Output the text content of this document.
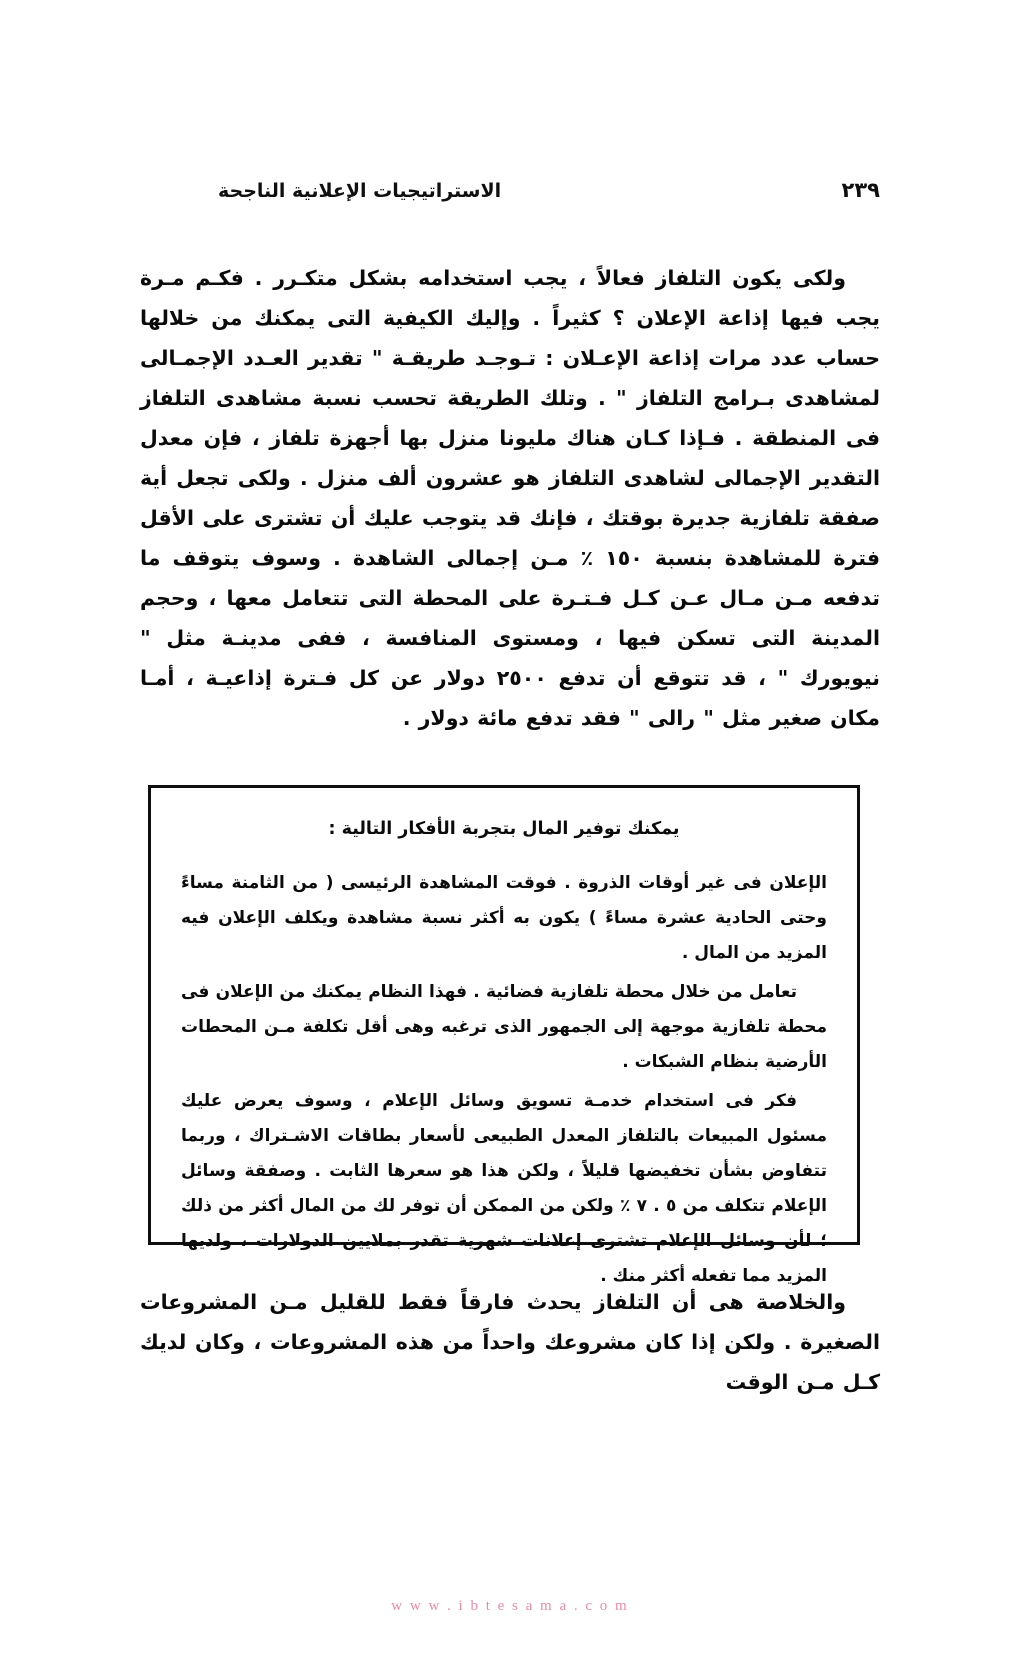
٢٣٩
الاستراتيجيات الإعلانية الناجحة

ولكى يكون التلفاز فعالاً ، يجب استخدامه بشكل متكـرر . فكـم مـرة يجب فيها إذاعة الإعلان ؟ كثيراً . وإليك الكيفية التى يمكنك من خلالها حساب عدد مرات إذاعة الإعـلان : تـوجـد طريقـة " تقدير العـدد الإجمـالى لمشاهدى بـرامج التلفاز " . وتلك الطريقة تحسب نسبة مشاهدى التلفاز فى المنطقة . فـإذا كـان هناك مليونا منزل بها أجهزة تلفاز ، فإن معدل التقدير الإجمالى لشاهدى التلفاز هو عشرون ألف منزل . ولكى تجعل أية صفقة تلفازية جديرة بوقتك ، فإنك قد يتوجب عليك أن تشترى على الأقل فترة للمشاهدة بنسبة ١٥٠ ٪ مـن إجمالى الشاهدة . وسوف يتوقف ما تدفعه مـن مـال عـن كـل فـتـرة على المحطة التى تتعامل معها ، وحجم المدينة التى تسكن فيها ، ومستوى المنافسة ، ففى مدينـة مثل " نيويورك " ، قد تتوقع أن تدفع ٢٥٠٠ دولار عن كل فـترة إذاعيـة ، أمـا مكان صغير مثل " رالى " فقد تدفع مائة دولار .

يمكنك توفير المال بتجربة الأفكار التالية :

الإعلان فى غير أوقات الذروة . فوقت المشاهدة الرئيسى ( من الثامنة مساءً وحتى الحادية عشرة مساءً ) يكون به أكثر نسبة مشاهدة ويكلف الإعلان فيه المزيد من المال .

تعامل من خلال محطة تلفازية فضائية . فهذا النظام يمكنك من الإعلان فى محطة تلفازية موجهة إلى الجمهور الذى ترغبه وهى أقل تكلفة مـن المحطات الأرضية بنظام الشبكات .

فكر فى استخدام خدمـة تسويق وسائل الإعلام ، وسوف يعرض عليك مسئول المبيعات بالتلفاز المعدل الطبيعى لأسعار بطاقات الاشـتراك ، وربما تتفاوض بشأن تخفيضها قليلاً ، ولكن هذا هو سعرها الثابت . وصفقة وسائل الإعلام تتكلف من ٥ . ٧ ٪ ولكن من الممكن أن توفر لك من المال أكثر من ذلك ؛ لأن وسائل الإعلام تشترى إعلانات شهرية تقدر بملايين الدولارات ، ولديها المزيد مما تفعله أكثر منك .

والخلاصة هى أن التلفاز يحدث فارقاً فقط للقليل مـن المشروعات الصغيرة . ولكن إذا كان مشروعك واحداً من هذه المشروعات ، وكان لديك كـل مـن الوقت

w w w . i b t e s a m a . c o m
